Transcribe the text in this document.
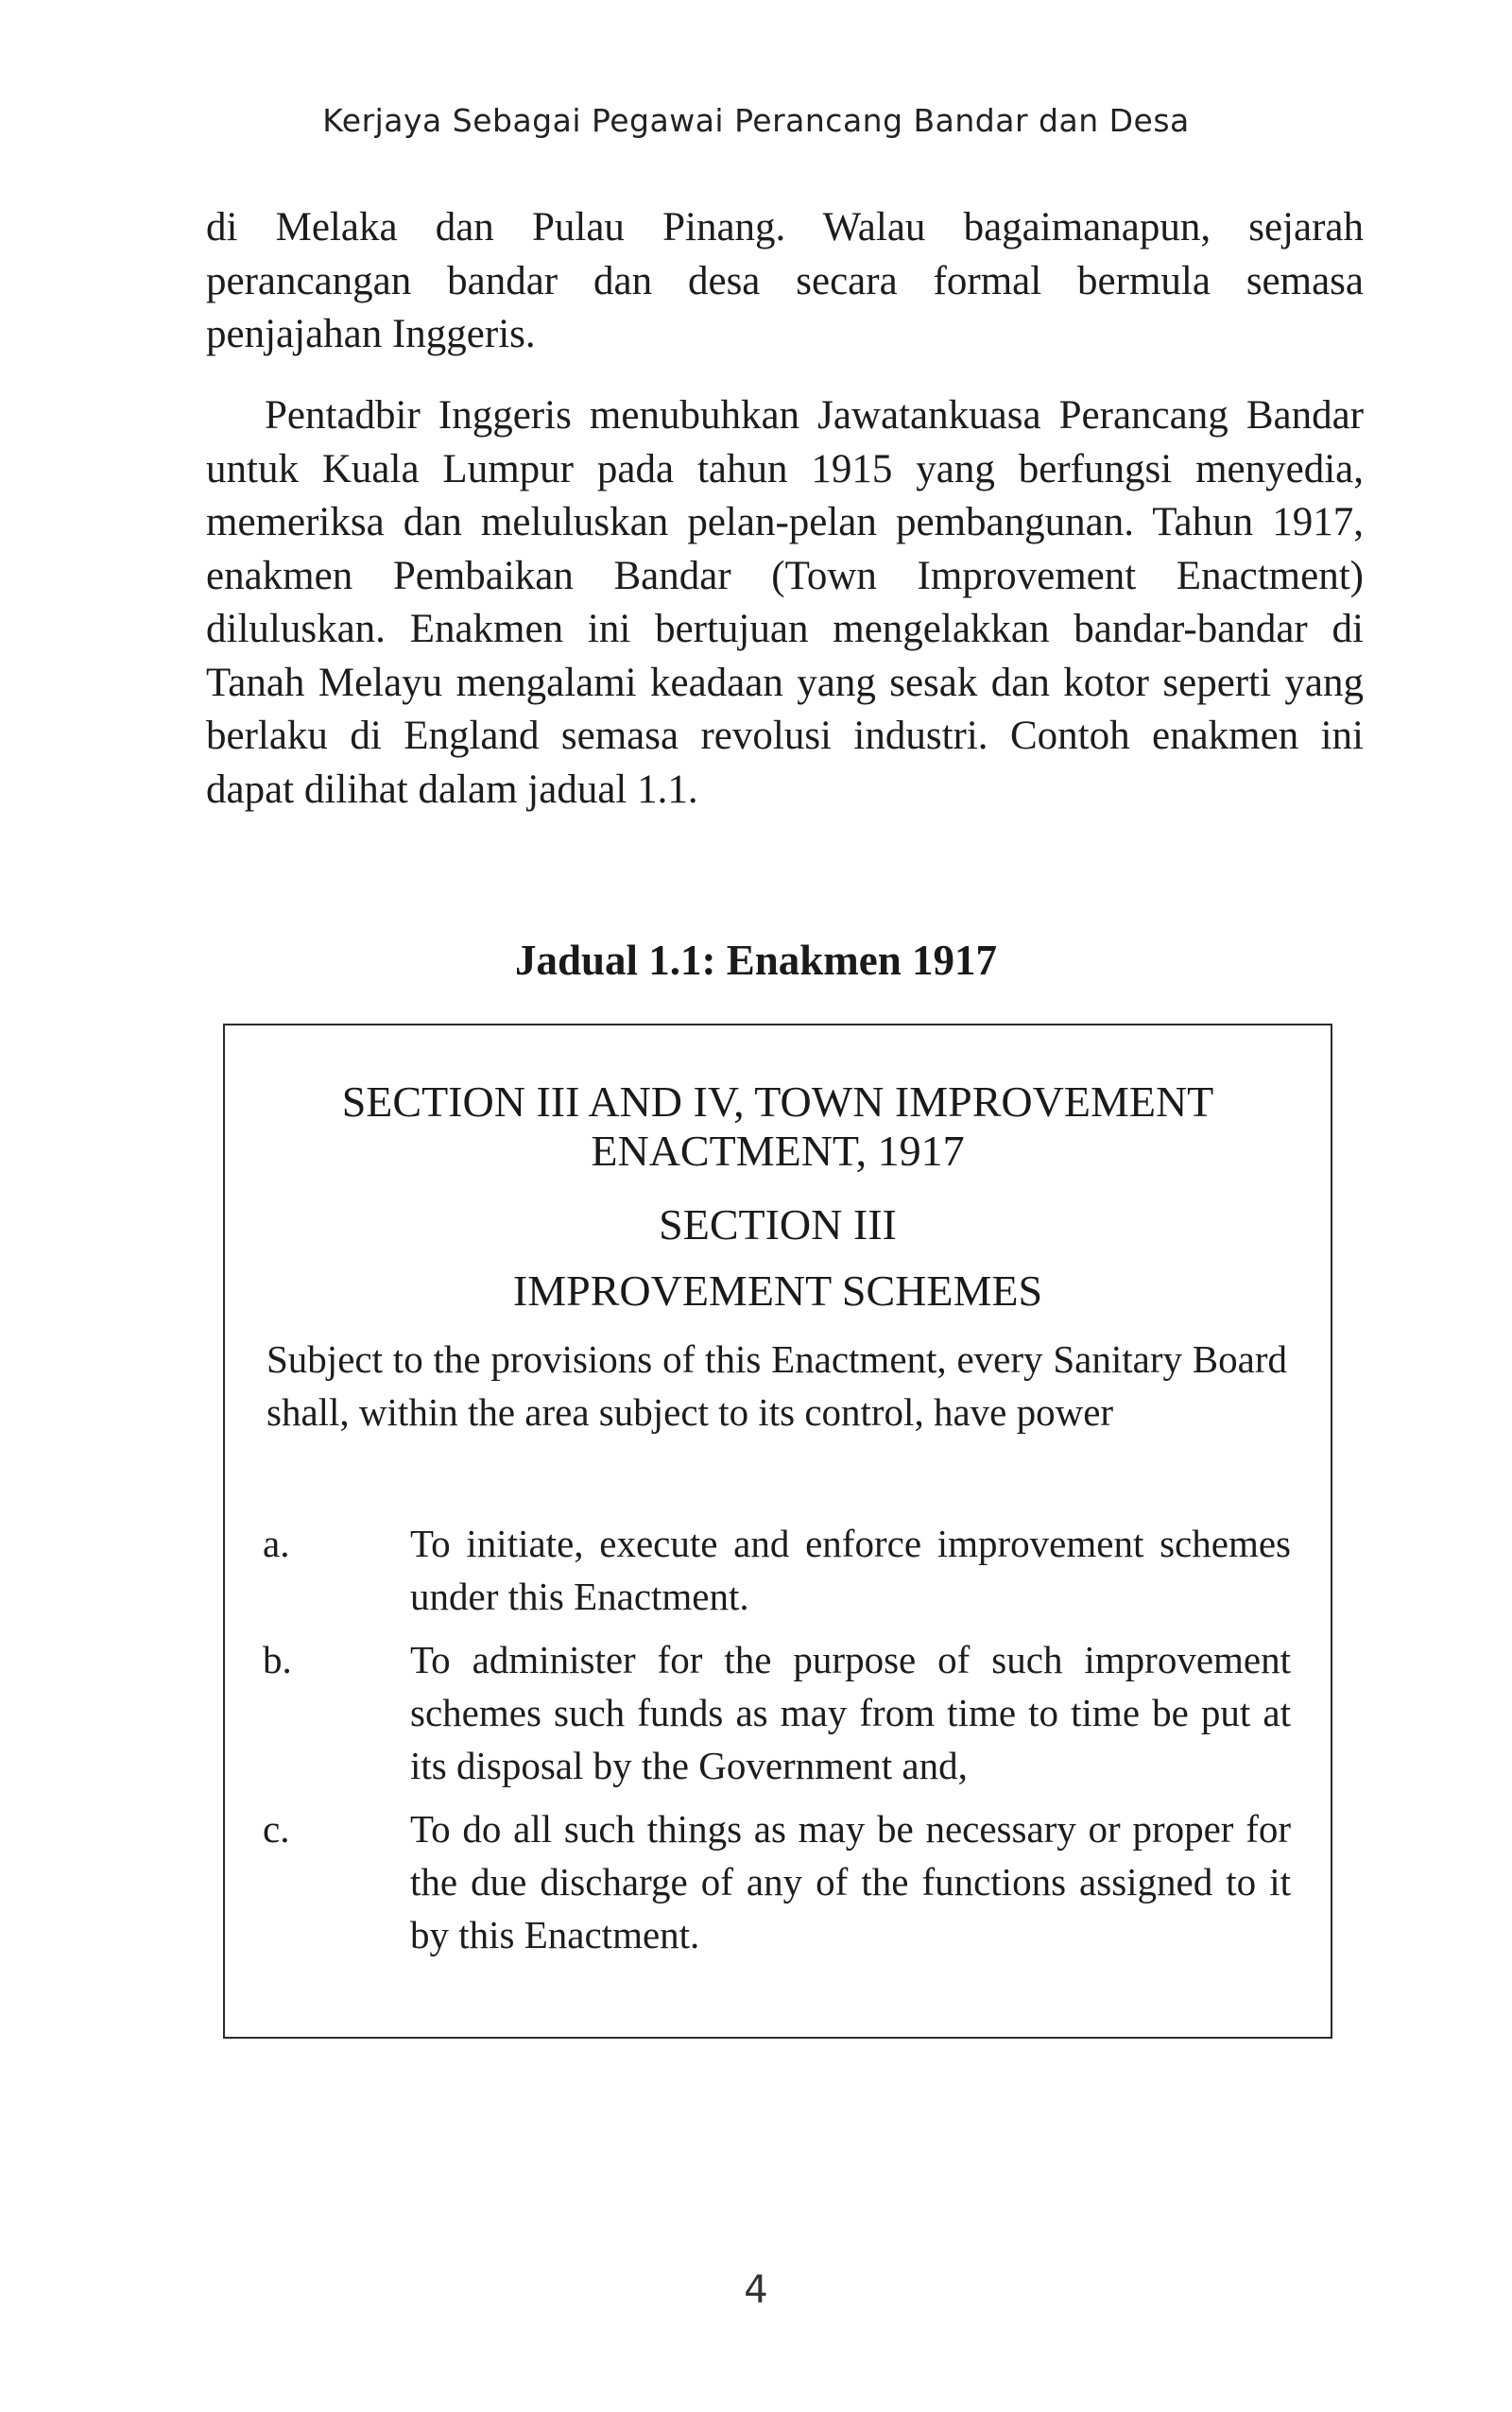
Kerjaya Sebagai Pegawai Perancang Bandar dan Desa

di Melaka dan Pulau Pinang. Walau bagaimanapun, sejarah perancangan bandar dan desa secara formal bermula semasa penjajahan Inggeris.

Pentadbir Inggeris menubuhkan Jawatankuasa Perancang Bandar untuk Kuala Lumpur pada tahun 1915 yang berfungsi menyedia, memeriksa dan meluluskan pelan-pelan pembangunan. Tahun 1917, enakmen Pembaikan Bandar (Town Improvement Enactment) diluluskan. Enakmen ini bertujuan mengelakkan bandar-bandar di Tanah Melayu mengalami keadaan yang sesak dan kotor seperti yang berlaku di England semasa revolusi industri. Contoh enakmen ini dapat dilihat dalam jadual 1.1.

Jadual 1.1: Enakmen 1917
SECTION III AND IV, TOWN IMPROVEMENT
ENACTMENT, 1917
SECTION III
IMPROVEMENT SCHEMES

Subject to the provisions of this Enactment, every Sanitary Board shall, within the area subject to its control, have power

a.	To initiate, execute and enforce improvement schemes under this Enactment.
b.	To administer for the purpose of such improvement schemes such funds as may from time to time be put at its disposal by the Government and,
c.	To do all such things as may be necessary or proper for the due discharge of any of the functions assigned to it by this Enactment.
4
